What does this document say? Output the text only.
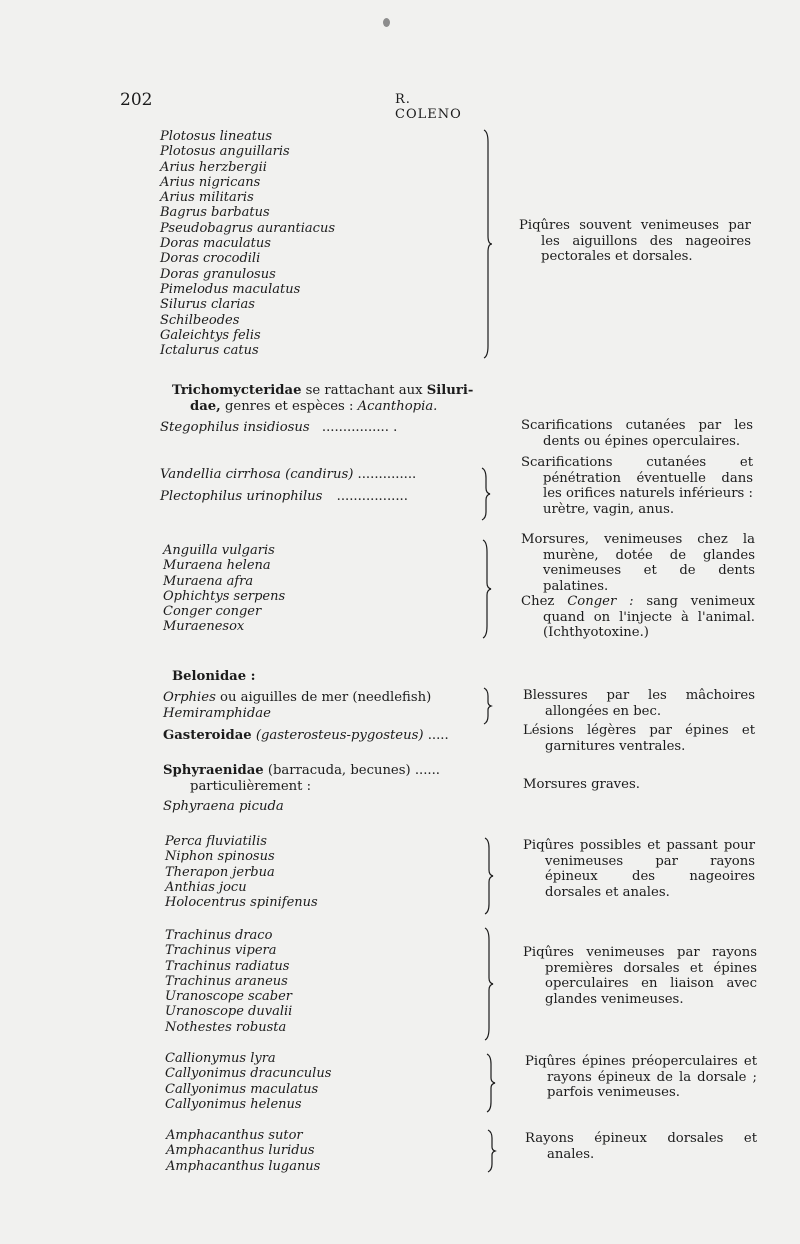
202	R. COLENO
Plotosus lineatus
Plotosus anguillaris
Arius herzbergii
Arius nigricans
Arius militaris
Bagrus barbatus
Pseudobagrus aurantiacus
Doras maculatus
Doras crocodili
Doras granulosus
Pimelodus maculatus
Silurus clarias
Schilbeodes
Galeichtys felis
Ictalurus catus

Piqûres souvent venimeuses par les aiguillons des nageoires pectorales et dorsales.

Trichomycteridae se rattachant aux Siluri-
dae, genres et espèces : Acanthopia.
Stegophilus insidiosus ................ .	Scarifications cutanées par les dents ou épines operculaires.

Vandellia cirrhosa (candirus) ..............
Plectophilus urinophilus .................

Scarifications cutanées et pénétration éventuelle dans les orifices naturels inférieurs : urètre, vagin, anus.

Anguilla vulgaris
Muraena helena
Muraena afra
Ophichtys serpens
Conger conger
Muraenesox

Morsures, venimeuses chez la murène, dotée de glandes venimeuses et de dents palatines.

Chez Conger : sang venimeux quand on l'injecte à l'animal. (Ichthyotoxine.)

Belonidae :
Orphies ou aiguilles de mer (needlefish)
Hemiramphidae

Blessures par les mâchoires allongées en bec.

Gasteroidae (gasterosteus-pygosteus) .....	Lésions légères par épines et garnitures ventrales.

Sphyraenidae (barracuda, becunes) ......
particulièrement :
Sphyraena picuda

Morsures graves.

Perca fluviatilis
Niphon spinosus
Therapon jerbua
Anthias jocu
Holocentrus spinifenus

Piqûres possibles et passant pour venimeuses par rayons épineux des nageoires dorsales et anales.

Trachinus draco
Trachinus vipera
Trachinus radiatus
Trachinus araneus
Uranoscope scaber
Uranoscope duvalii
Nothestes robusta

Piqûres venimeuses par rayons premières dorsales et épines operculaires en liaison avec glandes venimeuses.

Callionymus lyra
Callyonimus dracunculus
Callyonimus maculatus
Callyonimus helenus

Piqûres épines préoperculaires et rayons épineux de la dorsale ; parfois venimeuses.

Amphacanthus sutor
Amphacanthus luridus
Amphacanthus luganus

Rayons épineux dorsales et anales.
